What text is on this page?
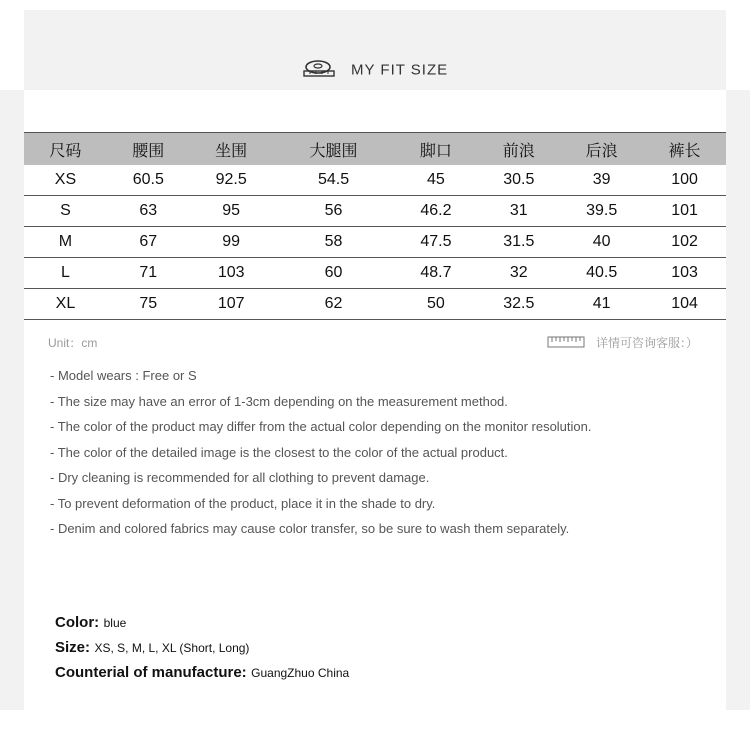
MY FIT SIZE
尺码	腰围	坐围	大腿围	脚口	前浪	后浪	裤长
XS	60.5	92.5	54.5	45	30.5	39	100
S	63	95	56	46.2	31	39.5	101
M	67	99	58	47.5	31.5	40	102
L	71	103	60	48.7	32	40.5	103
XL	75	107	62	50	32.5	41	104
Unit：cm	详情可咨询客服：）
- Model wears : Free or S
- The size may have an error of 1-3cm depending on the measurement method.
- The color of the product may differ from the actual color depending on the monitor resolution.
- The color of the detailed image is the closest to the color of the actual product.
- Dry cleaning is recommended for all clothing to prevent damage.
- To prevent deformation of the product, place it in the shade to dry.
- Denim and colored fabrics may cause color transfer, so be sure to wash them separately.
Color: blue
Size: XS, S, M, L, XL (Short, Long)
Counterial of manufacture: GuangZhuo China
